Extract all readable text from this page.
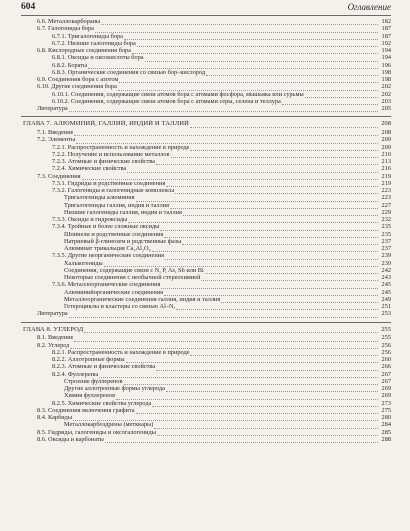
604	Оглавление
6.6. Металлокарбораны	182
6.7. Галогениды бора	187
6.7.1. Тригалогениды бора	187
6.7.2. Низшие галогениды бора	192
6.8. Кислородные соединения бора	194
6.8.1. Оксиды и оксокислоты бора	194
6.8.2. Бораты	196
6.8.3. Органические соединения со связью бор–кислород	198
6.9. Соединения бора с азотом	198
6.10. Другие соединения бора	202
6.10.1. Соединения, содержащие связи атомов бора с атомами фосфора, мышьяка или сурьмы	202
6.10.2. Соединения, содержащие связи атомов бора с атомами серы, селена и теллура	203
Литература	205
ГЛАВА 7. АЛЮМИНИЙ, ГАЛЛИЙ, ИНДИЙ И ТАЛЛИЙ	208
7.1. Введение	208
7.2. Элементы	209
7.2.1. Распространенность и нахождение в природе	209
7.2.2. Получение и использование металлов	210
7.2.3. Атомные и физические свойства	213
7.2.4. Химические свойства	216
7.3. Соединения	219
7.3.1. Гидриды и родственные соединения	219
7.3.2. Галогениды и галогенидные комплексы	223
Тригалогениды алюминия	223
Тригалогениды галлия, индия и таллия	227
Низшие галогениды галлия, индия и таллия	229
7.3.3. Оксиды и гидроксиды	232
7.3.4. Тройные и более сложные оксиды	235
Шпинели и родственные соединения	235
Натриевый β-глинозем и родственные фазы	237
Алюминат трикальция Ca₃Al₂O₆	237
7.3.5. Другие неорганические соединения	239
Халькогениды	239
Соединения, содержащие связи с N, P, As, Sb или Bi	242
Некоторые соединения с необычной стереохимией	243
7.3.6. Металлоорганические соединения	245
Алюминийорганические соединения	245
Металлоорганические соединения галлия, индия и таллия	249
Гетероциклы и кластеры со связью Al–Nₓ	251
Литература	253
ГЛАВА 8. УГЛЕРОД	255
8.1. Введение	255
8.2. Углерод	256
8.2.1. Распространенность и нахождение в природе	256
8.2.2. Аллотропные формы	260
8.2.3. Атомные и физические свойства	266
8.2.4. Фуллерены	267
Строение фуллеренов	267
Другие аллотропные формы углерода	269
Химия фуллеренов	269
8.2.5. Химические свойства углерода	273
8.3. Соединения включения графита	275
8.4. Карбиды	280
Металлокарбоэдрены (метккары)	284
8.5. Гидриды, галогениды и оксогалогениды	285
8.6. Оксиды и карбонаты	288
